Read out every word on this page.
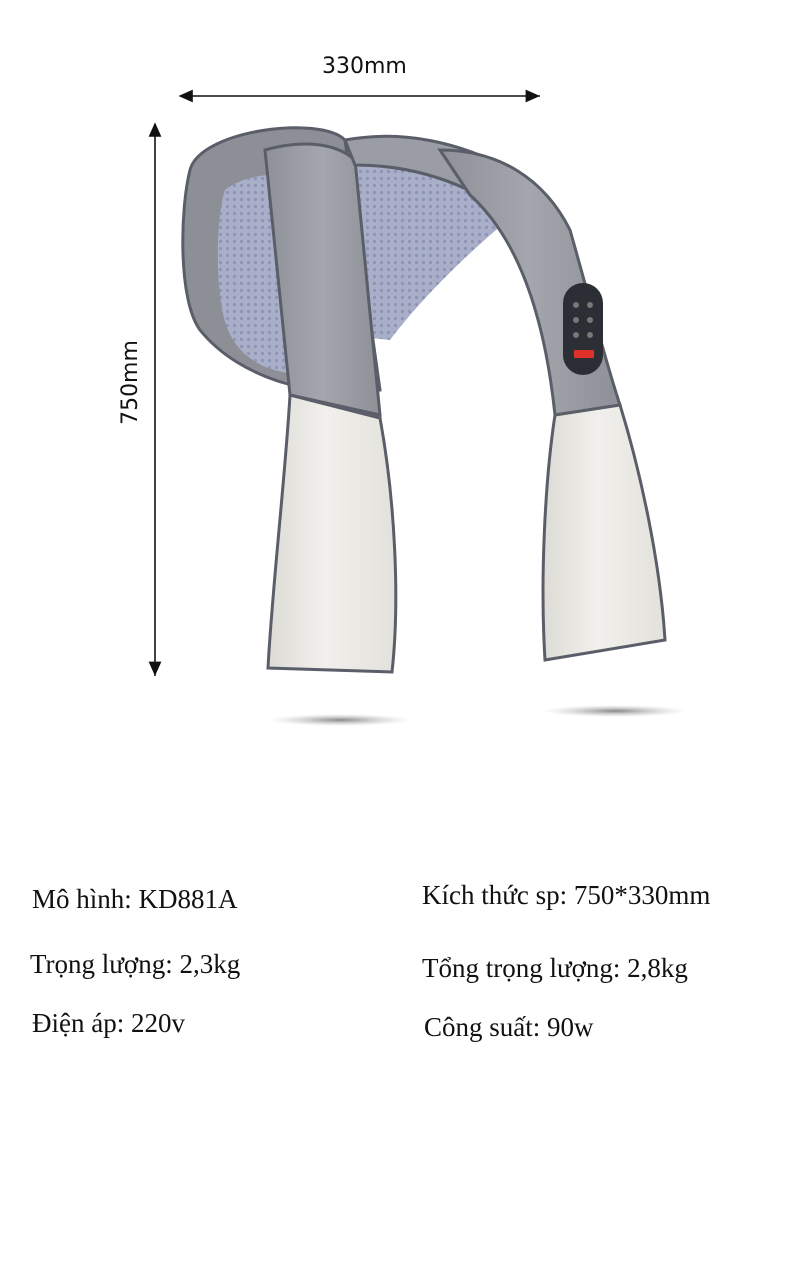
330mm
750mm
Mô hình: KD881A	Kích thức sp: 750*330mm
Trọng lượng: 2,3kg	Tổng trọng lượng: 2,8kg
Điện áp: 220v	Công suất: 90w
